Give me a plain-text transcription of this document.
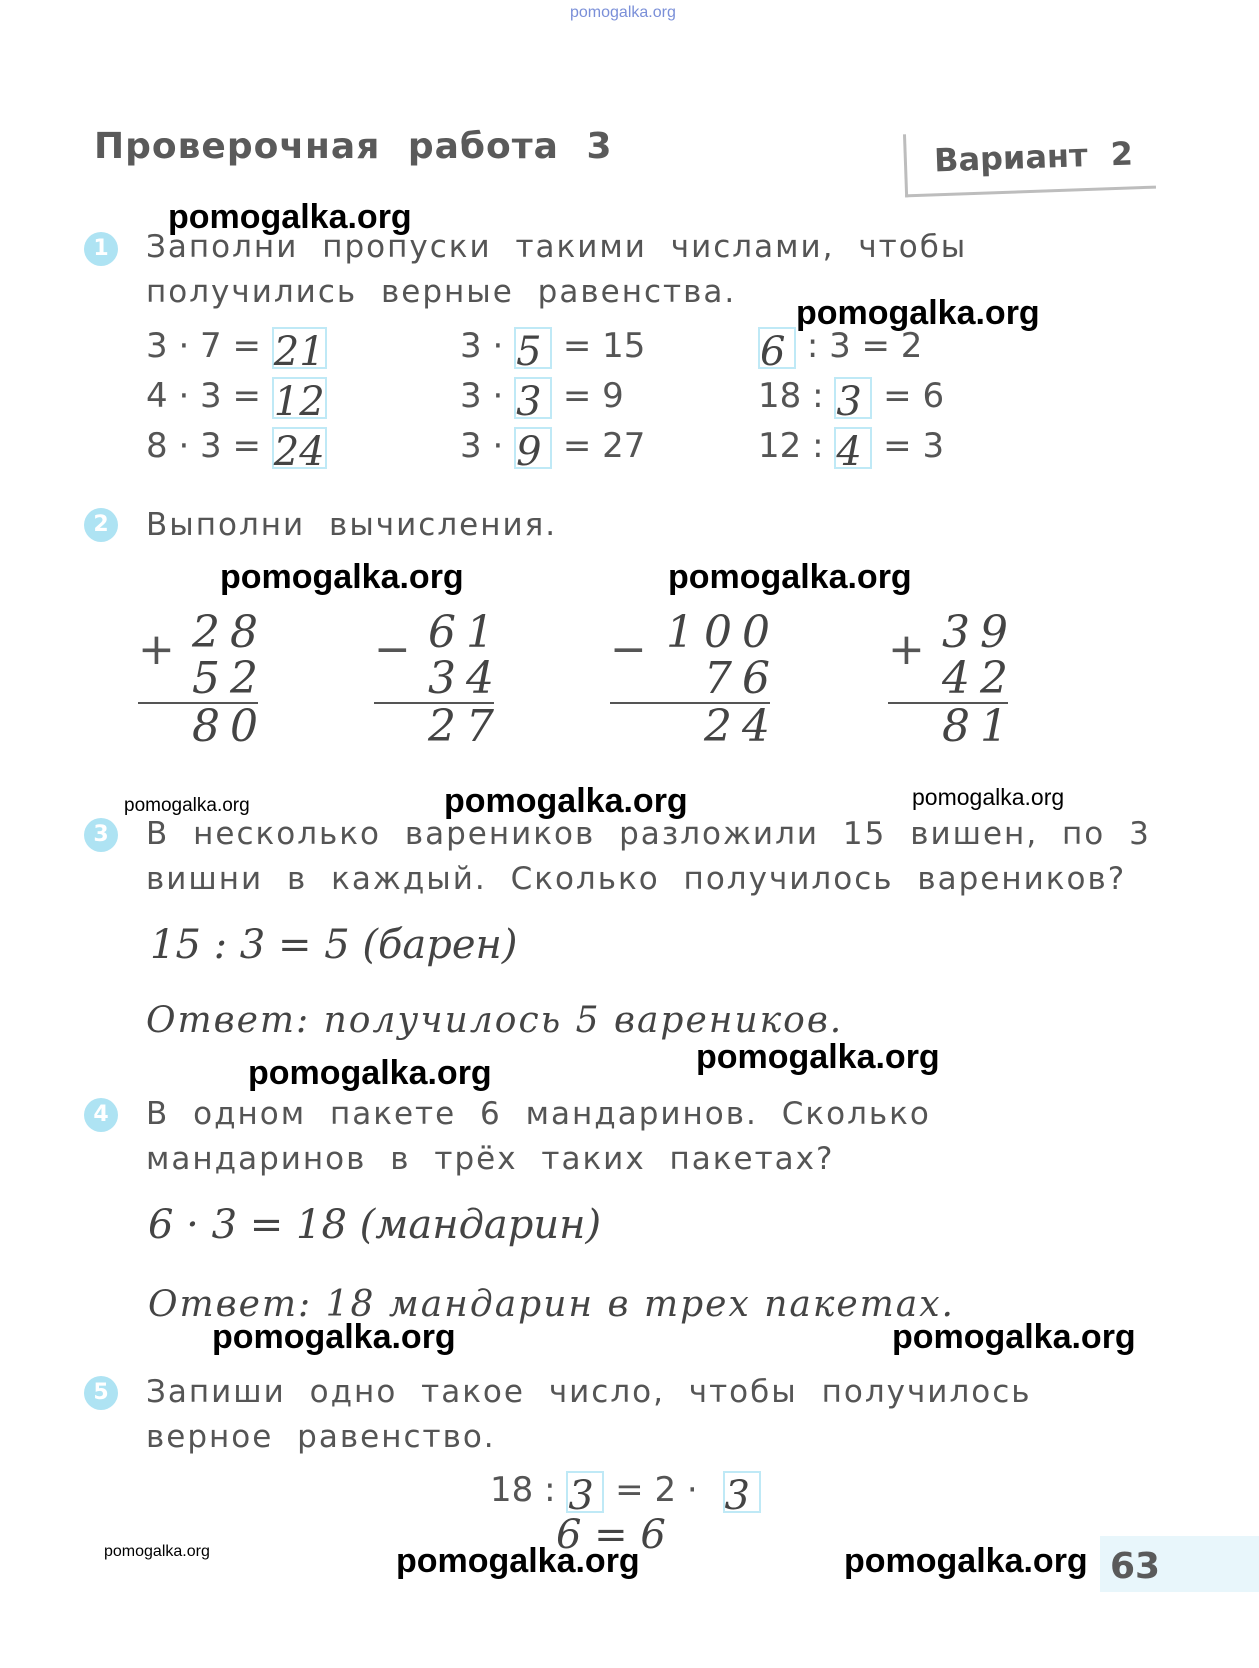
pomogalka.org
Проверочная работа 3	Вариант 2
1	Заполни пропуски такими числами, чтобы получились верные равенства.
3 · 7 = 21
4 · 3 = 12
8 · 3 = 24
3 · 5 = 15
3 · 3 = 9
3 · 9 = 27
6 : 3 = 2
18 : 3 = 6
12 : 4 = 3
2	Выполни вычисления.
+ 28
52
80
− 61
34
27
− 100
76
24
+ 39
42
81
3	В несколько вареников разложили 15 вишен, по 3 вишни в каждый. Сколько получилось вареников?
15 : 3 = 5 (барен)
Ответ: получилось 5 вареников.
4	В одном пакете 6 мандаринов. Сколько мандаринов в трёх таких пакетах?
6 · 3 = 18 (мандарин)
Ответ: 18 мандарин в трех пакетах.
5	Запиши одно такое число, чтобы получилось верное равенство.
18 : 3 = 2 · 3
6 = 6
63
pomogalka.org
pomogalka.org
pomogalka.org	pomogalka.org
pomogalka.org	pomogalka.org	pomogalka.org
pomogalka.org
pomogalka.org
pomogalka.org	pomogalka.org
pomogalka.org	pomogalka.org	pomogalka.org
